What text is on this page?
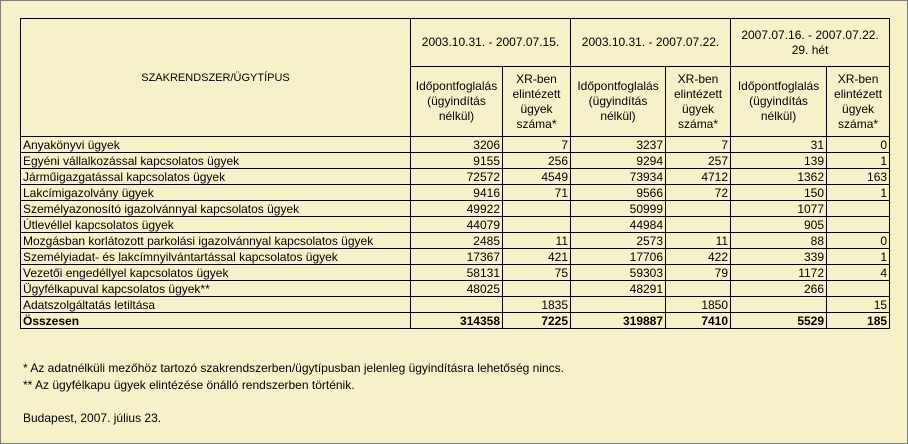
SZAKRENDSZER/ÜGYTÍPUS	2003.10.31. - 2007.07.15.		2003.10.31. - 2007.07.22.		2007.07.16. - 2007.07.22.
29. hét	

	Időpontfoglalás (ügyindítás nélkül)	XR-ben elintézett ügyek száma*	Időpontfoglalás (ügyindítás nélkül)	XR-ben elintézett ügyek száma*	Időpontfoglalás (ügyindítás nélkül)	XR-ben elintézett ügyek száma*
Anyakönyvi ügyek	3206	7	3237	7	31	0
Egyéni vállalkozással kapcsolatos ügyek	9155	256	9294	257	139	1
Járműigazgatással kapcsolatos ügyek	72572	4549	73934	4712	1362	163
Lakcímigazolvány ügyek	9416	71	9566	72	150	1
Személyazonosító igazolvánnyal kapcsolatos ügyek	49922		50999		1077	
Útlevéllel kapcsolatos ügyek	44079		44984		905	
Mozgásban korlátozott parkolási igazolvánnyal kapcsolatos ügyek	2485	11	2573	11	88	0
Személyiadat- és lakcímnyilvántartással kapcsolatos ügyek	17367	421	17706	422	339	1
Vezetői engedéllyel kapcsolatos ügyek	58131	75	59303	79	1172	4
Ügyfélkapuval kapcsolatos ügyek**	48025		48291		266	
Adatszolgáltatás letiltása		1835		1850		15
Összesen	314358	7225	319887	7410	5529	185
* Az adatnélküli mezőhöz tartozó szakrendszerben/ügytípusban jelenleg ügyindításra lehetőség nincs.
** Az ügyfélkapu ügyek elintézése önálló rendszerben történik.
Budapest, 2007. július 23.
